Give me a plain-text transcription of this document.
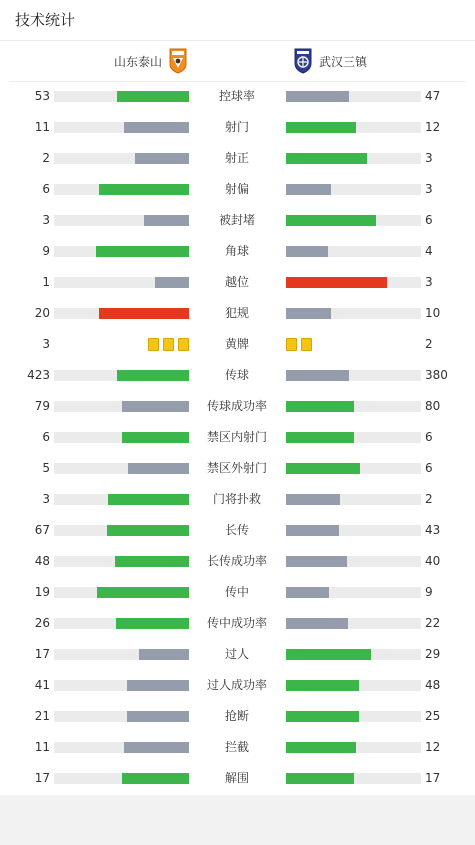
技术统计
山东泰山	武汉三镇
53	控球率	47
11	射门	12
2	射正	3
6	射偏	3
3	被封堵	6
9	角球	4
1	越位	3
20	犯规	10
3	黄牌	2
423	传球	380
79	传球成功率	80
6	禁区内射门	6
5	禁区外射门	6
3	门将扑救	2
67	长传	43
48	长传成功率	40
19	传中	9
26	传中成功率	22
17	过人	29
41	过人成功率	48
21	抢断	25
11	拦截	12
17	解围	17
